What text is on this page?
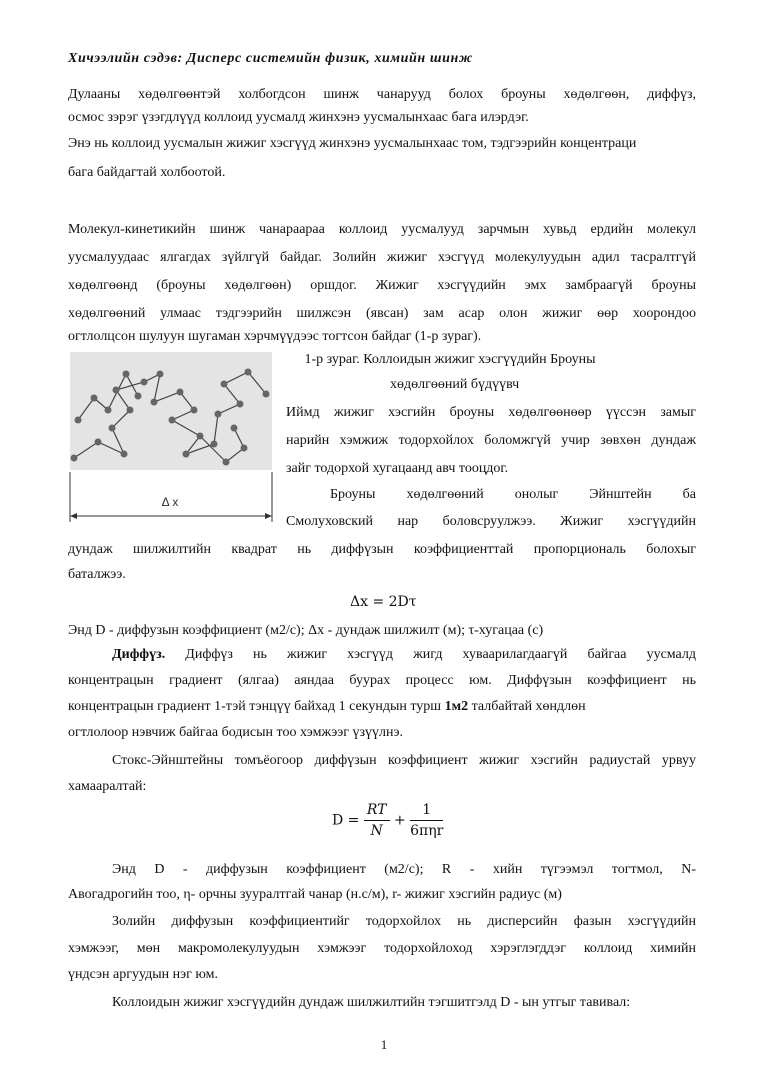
Хичээлийн сэдэв: Дисперс системийн физик, химийн шинж
Дулааны хөдөлгөөнтэй холбогдсон шинж чанарууд болох броуны хөдөлгөөн, диффүз,
осмос зэрэг үзэгдлүүд коллоид уусмалд жинхэнэ уусмалынхаас бага илэрдэг.
Энэ нь коллоид уусмалын жижиг хэсгүүд жинхэнэ уусмалынхаас том, тэдгээрийн концентраци
бага байдагтай холбоотой.
Молекул-кинетикийн шинж чанараараа коллоид уусмалууд зарчмын хувьд ердийн молекул
уусмалуудаас ялгагдах зүйлгүй байдаг. Золийн жижиг хэсгүүд молекулуудын адил тасралтгүй
хөдөлгөөнд (броуны хөдөлгөөн) оршдог. Жижиг хэсгүүдийн эмх замбраагүй броуны
хөдөлгөөний улмаас тэдгээрийн шилжсэн (явсан) зам асар олон жижиг өөр хоорондоо
огтлолцсон шулуун шугаман хэрчмүүдээс тогтсон байдаг (1-р зураг).
Δ x
1-р зураг. Коллоидын жижиг хэсгүүдийн Броуны
хөдөлгөөний бүдүүвч
Иймд жижиг хэсгийн броуны хөдөлгөөнөөр үүссэн замыг
нарийн хэмжиж тодорхойлох боломжгүй учир зөвхөн дундаж
зайг тодорхой хугацаанд авч тооцдог.
Броуны хөдөлгөөний онолыг Эйнштейн ба
Смолуховский нар боловсруулжээ. Жижиг хэсгүүдийн
дундаж шилжилтийн квадрат нь диффүзын коэффициенттай пропорциональ болохыг
баталжээ.
Δx = 2Dτ
Энд D - диффузын коэффициент (м2/с); Δx - дундаж шилжилт (м); τ-хугацаа (с)
Диффүз. Диффүз нь жижиг хэсгүүд жигд хуваарилагдаагүй байгаа уусмалд
концентрацын градиент (ялгаа) аяндаа буурах процесс юм. Диффүзын коэффициент нь
концентрацын градиент 1-тэй тэнцүү байхад 1 секундын турш 1м2 талбайтай хөндлөн
огтлолоор нэвчиж байгаа бодисын тоо хэмжээг үзүүлнэ.
Стокс-Эйнштейны томъёогоор диффүзын коэффициент жижиг хэсгийн радиустай урвуу
хамааралтай:
$D = \frac{RT}{N} + \frac{1}{\text{6πηr}}$
Энд D - диффузын коэффициент (м2/с); R - хийн түгээмэл тогтмол, N-
Авогадрогийн тоо, η- орчны зууралтгай чанар (н.с/м), r- жижиг хэсгийн радиус (м)
Золийн диффузын коэффициентийг тодорхойлох нь дисперсийн фазын хэсгүүдийн
хэмжээг, мөн макромолекулуудын хэмжээг тодорхойлоход хэрэглэгддэг коллоид химийн
үндсэн аргуудын нэг юм.
Коллоидын жижиг хэсгүүдийн дундаж шилжилтийн тэгшитгэлд D - ын утгыг тавивал:
1
